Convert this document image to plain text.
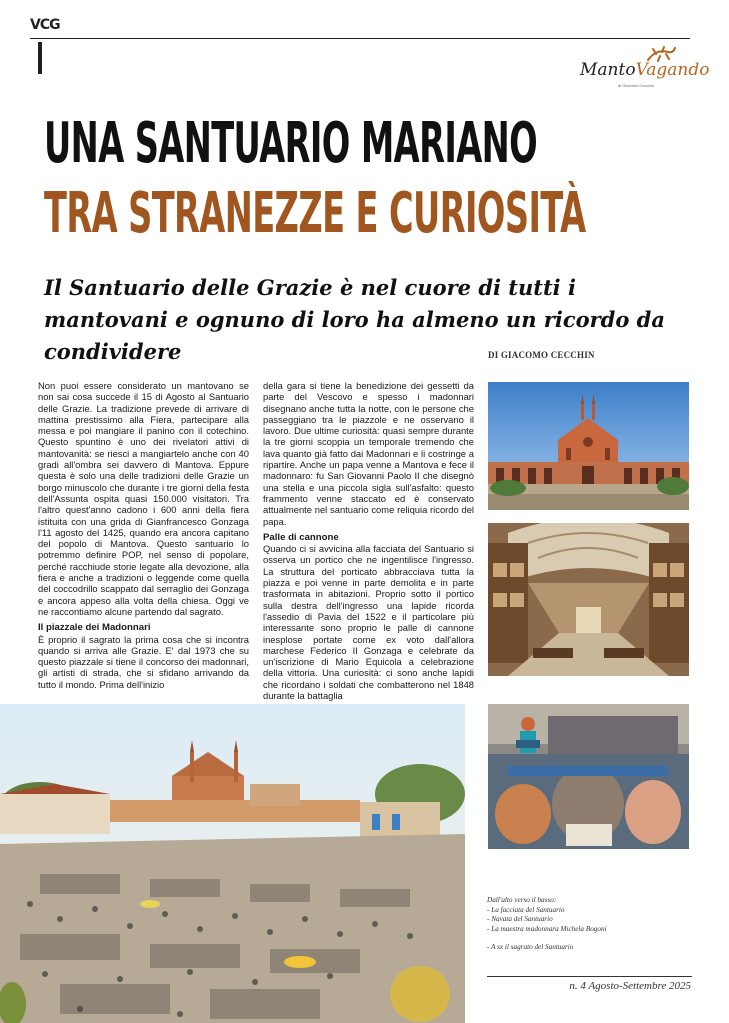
VCG
MantoVagando
di Giacomo Cecchin
UNA SANTUARIO MARIANO
TRA STRANEZZE E CURIOSITÀ
Il Santuario delle Grazie è nel cuore di tutti i mantovani e ognuno di loro ha almeno un ricordo da condividere	DI GIACOMO CECCHIN

Non puoi essere considerato un mantovano se non sai cosa succede il 15 di Agosto al Santuario delle Grazie. La tradizione prevede di arrivare di mattina prestissimo alla Fiera, partecipare alla messa e poi mangiare il panino con il cotechino. Questo spuntino è uno dei rivelatori attivi di mantovanità: se riesci a mangiartelo anche con 40 gradi all'ombra sei davvero di Mantova. Eppure questa è solo una delle tradizioni delle Grazie un borgo minuscolo che durante i tre giorni della festa dell'Assunta ospita quasi 150.000 visitatori. Tra l'altro quest'anno cadono i 600 anni della fiera istituita con una grida di Gianfrancesco Gonzaga l'11 agosto del 1425, quando era ancora capitano del popolo di Mantova. Questo santuario lo potremmo definire POP, nel senso di popolare, perché racchiude storie legate alla devozione, alla fiera e anche a tradizioni o leggende come quella del coccodrillo scappato dal serraglio dei Gonzaga e ancora appeso alla volta della chiesa. Oggi ve ne raccontiamo alcune partendo dal sagrato.

Il piazzale dei Madonnari

È proprio il sagrato la prima cosa che si incontra quando si arriva alle Grazie. E' dal 1973 che su questo piazzale si tiene il concorso dei madonnari, gli artisti di strada, che si sfidano arrivando da tutto il mondo. Prima dell'inizio

della gara si tiene la benedizione dei gessetti da parte del Vescovo e spesso i madonnari disegnano anche tutta la notte, con le persone che passeggiano tra le piazzole e ne osservano il lavoro. Due ultime curiosità: quasi sempre durante la tre giorni scoppia un temporale tremendo che lava quanto già fatto dai Madonnari e li costringe a ripartire. Anche un papa venne a Mantova e fece il madonnaro: fu San Giovanni Paolo II che disegnò una stella e una piccola sigla sull'asfalto: questo frammento venne staccato ed è conservato attualmente nel santuario come reliquia ricordo del papa.

Palle di cannone

Quando ci si avvicina alla facciata del Santuario si osserva un portico che ne ingentilisce l'ingresso. La struttura del porticato abbracciava tutta la piazza e poi venne in parte demolita e in parte trasformata in abitazioni. Proprio sotto il portico sulla destra dell'ingresso una lapide ricorda l'assedio di Pavia del 1522 e il particolare più interessante sono proprio le palle di cannone inesplose portate come ex voto dall'allora marchese Federico II Gonzaga e celebrate da un'iscrizione di Mario Equicola a celebrazione della vittoria. Una curiosità: ci sono anche lapidi che ricordano i soldati che combatterono nel 1848 durante la battaglia

Dall'alto verso il basso:

- La facciata del Santuario

- Navata del Santuario

- La maestra madonnara Michela Bogoni

- A sx il sagrato del Santuario

n. 4 Agosto-Settembre 2025
